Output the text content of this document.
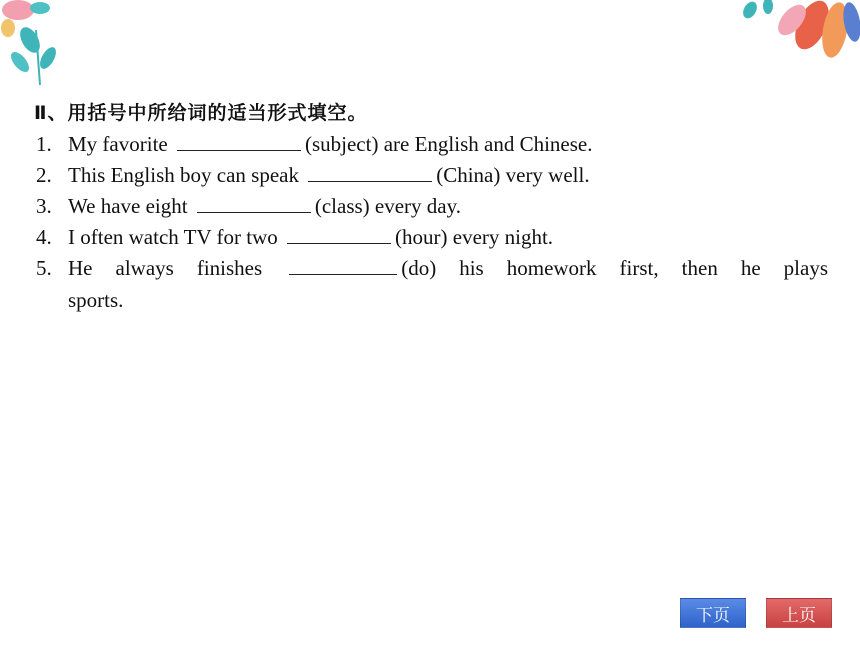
Ⅱ、用括号中所给词的适当形式填空。
1. My favorite	(subject) are English and Chinese.
2. This English boy can speak	(China) very well.
3. We have eight	(class) every day.
4. I often watch TV for two	(hour) every night.
5. He always finishes	(do) his homework first, then he plays
sports.
下页	上页
